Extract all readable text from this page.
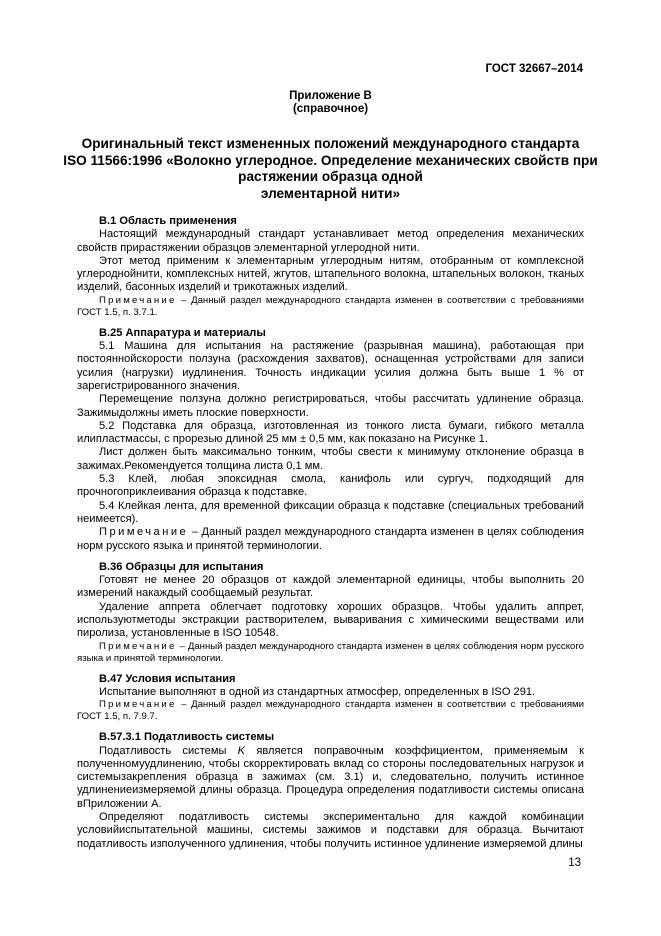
ГОСТ 32667–2014
Приложение В
(справочное)
Оригинальный текст измененных положений международного стандарта
ISO 11566:1996 «Волокно углеродное. Определение механических свойств при
растяжении образца одной
элементарной нити»

В.1 Область применения

Настоящий международный стандарт устанавливает метод определения механических свойств прирастяжении образцов элементарной углеродной нити.

Этот метод применим к элементарным углеродным нитям, отобранным от комплексной углероднойнити, комплексных нитей, жгутов, штапельного волокна, штапельных волокон, тканых изделий, басонных изделий и трикотажных изделий.

Примечание – Данный раздел международного стандарта изменен в соответствии с требованиями ГОСТ 1.5, п. 3.7.1.

В.25 Аппаратура и материалы

5.1 Машина для испытания на растяжение (разрывная машина), работающая при постояннойскорости ползуна (расхождения захватов), оснащенная устройствами для записи усилия (нагрузки) иудлинения. Точность индикации усилия должна быть выше 1 % от зарегистрированного значения.

Перемещение ползуна должно регистрироваться, чтобы рассчитать удлинение образца. Зажимыдолжны иметь плоские поверхности.

5.2 Подставка для образца, изготовленная из тонкого листа бумаги, гибкого металла илипластмассы, с прорезью длиной 25 мм ± 0,5 мм, как показано на Рисунке 1.

Лист должен быть максимально тонким, чтобы свести к минимуму отклонение образца в зажимах.Рекомендуется толщина листа 0,1 мм.

5.3 Клей, любая эпоксидная смола, канифоль или сургуч, подходящий для прочногоприклеивания образца к подставке.

5.4 Клейкая лента, для временной фиксации образца к подставке (специальных требований неимеется).

Примечание – Данный раздел международного стандарта изменен в целях соблюдения норм русского языка и принятой терминологии.

В.36 Образцы для испытания

Готовят не менее 20 образцов от каждой элементарной единицы, чтобы выполнить 20 измерений накаждый сообщаемый результат.

Удаление аппрета облегчает подготовку хороших образцов. Чтобы удалить аппрет, используютметоды экстракции растворителем, вываривания с химическими веществами или пиролиза, установленные в ISO 10548.

Примечание – Данный раздел международного стандарта изменен в целях соблюдения норм русского языка и принятой терминологии.

В.47 Условия испытания

Испытание выполняют в одной из стандартных атмосфер, определенных в ISO 291.

Примечание – Данный раздел международного стандарта изменен в соответствии с требованиями ГОСТ 1.5, п. 7.9.7.

В.57.3.1 Податливость системы

Податливость системы K является поправочным коэффициентом, применяемым к полученномуудлинению, чтобы скорректировать вклад со стороны последовательных нагрузок и системызакрепления образца в зажимах (см. 3.1) и, следовательно, получить истинное удлинениеизмеряемой длины образца. Процедура определения податливости системы описана вПриложении А.

Определяют податливость системы экспериментально для каждой комбинации условийиспытательной машины, системы зажимов и подставки для образца. Вычитают податливость изполученного удлинения, чтобы получить истинное удлинение измеряемой длины

13
